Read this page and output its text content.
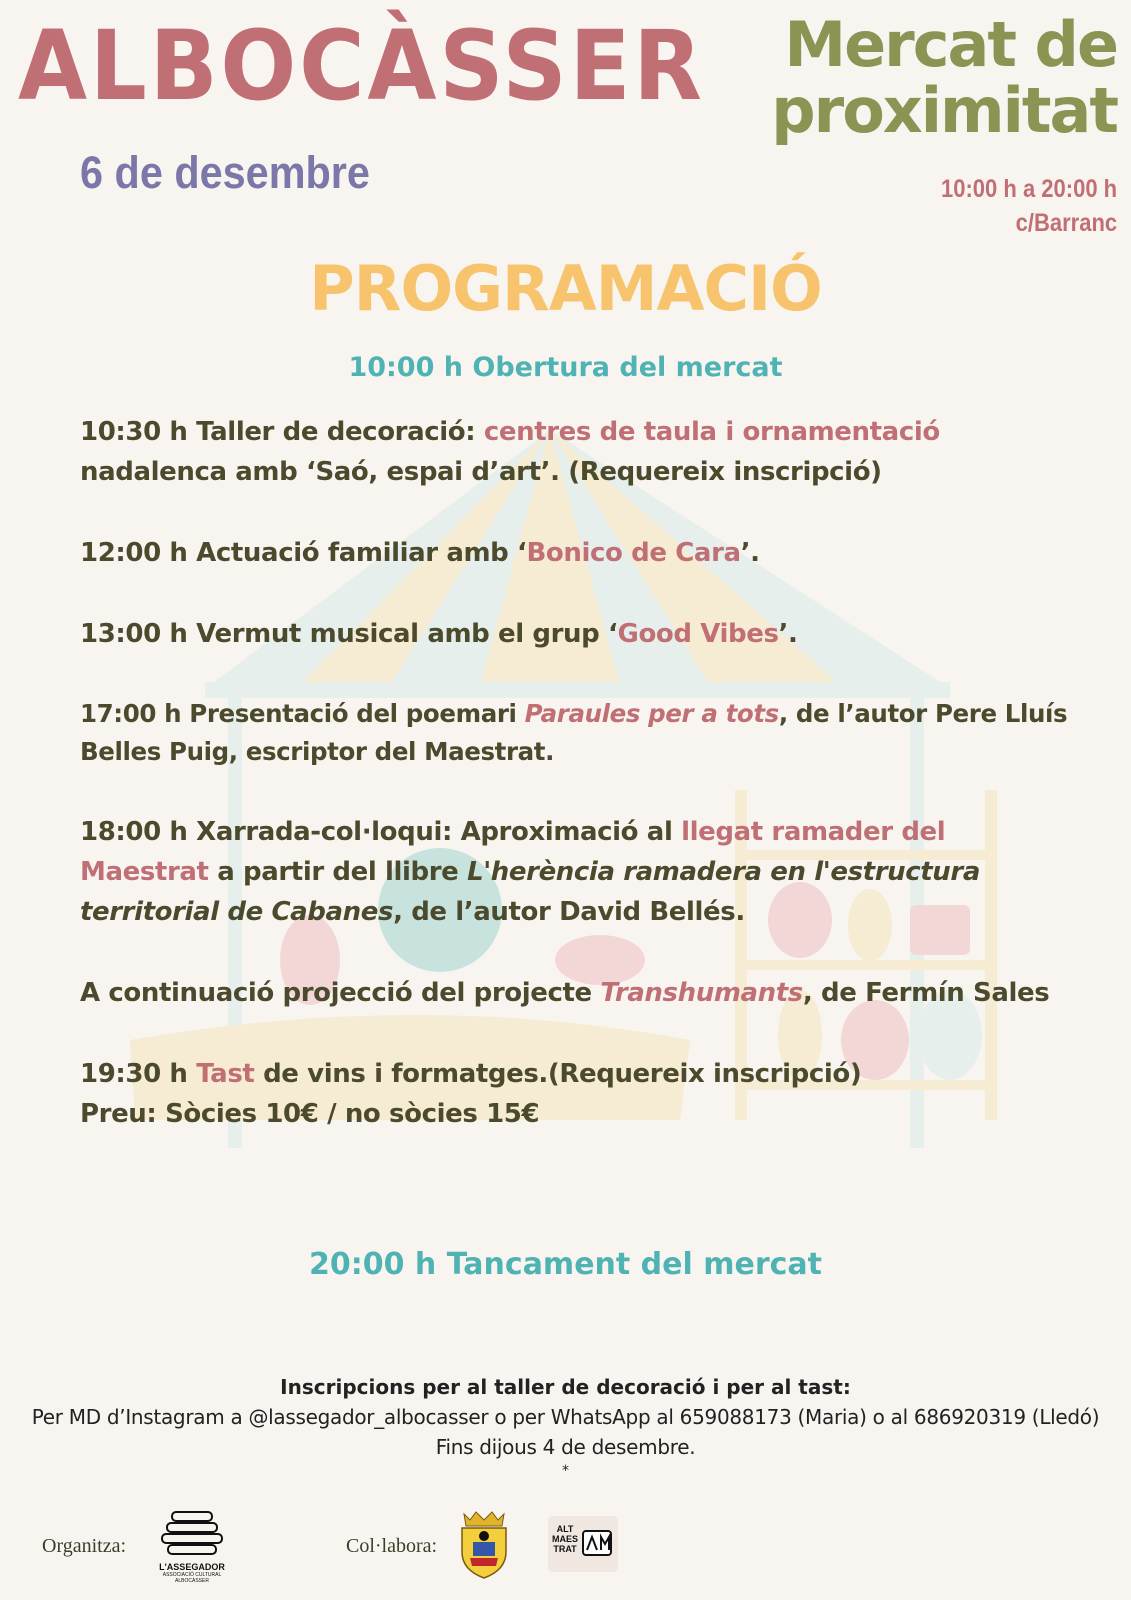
ALBOCÀSSER
6 de desembre
Mercat de
proximitat
10:00 h a 20:00 h
c/Barranc
PROGRAMACIÓ
10:00 h Obertura del mercat

10:30 h Taller de decoració: centres de taula i ornamentació nadalenca amb ‘Saó, espai d’art’. (Requereix inscripció)

12:00 h Actuació familiar amb ‘Bonico de Cara’.

13:00 h Vermut musical amb el grup ‘Good Vibes’.

17:00 h Presentació del poemari Paraules per a tots, de l’autor Pere Lluís Belles Puig, escriptor del Maestrat.

18:00 h Xarrada-col·loqui: Aproximació al llegat ramader del Maestrat a partir del llibre L'herència ramadera en l'estructura territorial de Cabanes, de l’autor David Bellés.

A continuació projecció del projecte Transhumants, de Fermín Sales

19:30 h Tast de vins i formatges.(Requereix inscripció)
Preu: Sòcies 10€ / no sòcies 15€

20:00 h Tancament del mercat
Inscripcions per al taller de decoració i per al tast:
Per MD d’Instagram a @lassegador_albocasser o per WhatsApp al 659088173 (Maria) o al 686920319 (Lledó)
Fins dijous 4 de desembre.
*
Organitza:
L'ASSEGADOR
ASSOCIACIÓ CULTURAL
ALBOCÀSSER
Col·labora:
ALT MAES TRAT
